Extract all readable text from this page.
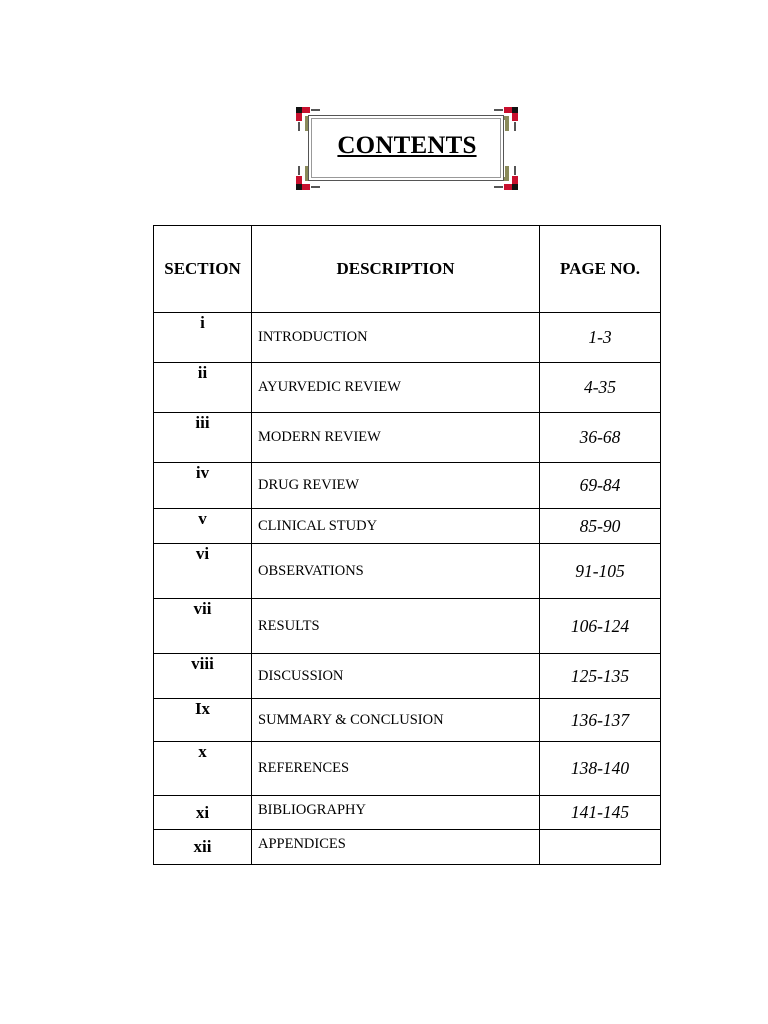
CONTENTS
SECTION	DESCRIPTION	PAGE NO.
i	INTRODUCTION	1-3
ii	AYURVEDIC REVIEW	4-35
iii	MODERN REVIEW	36-68
iv	DRUG REVIEW	69-84
v	CLINICAL STUDY	85-90
vi	OBSERVATIONS	91-105
vii	RESULTS	106-124
viii	DISCUSSION	125-135
Ix	SUMMARY & CONCLUSION	136-137
x	REFERENCES	138-140
xi	BIBLIOGRAPHY	141-145
xii	APPENDICES	
